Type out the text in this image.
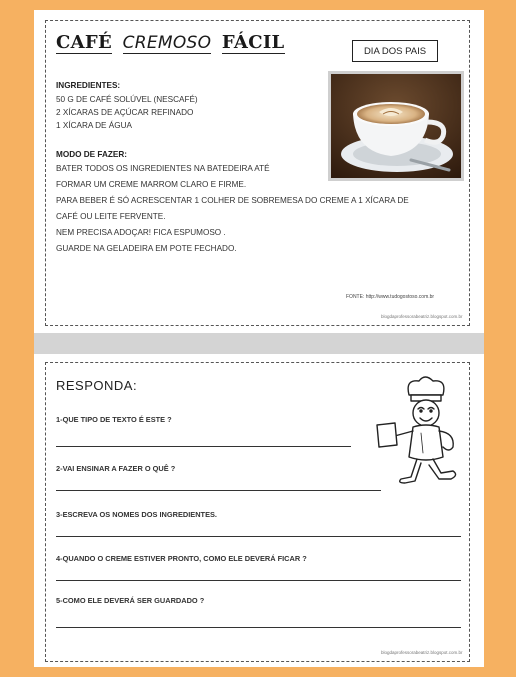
CAFÉ CREMOSO FÁCIL	DIA DOS PAIS
INGREDIENTES:
50 G DE CAFÉ SOLÚVEL (NESCAFÉ)
2 XÍCARAS DE AÇÚCAR REFINADO
1 XÍCARA DE ÁGUA
MODO DE FAZER:
BATER TODOS OS INGREDIENTES NA BATEDEIRA ATÉ
FORMAR UM CREME MARROM CLARO E FIRME.
PARA BEBER É SÓ ACRESCENTAR 1 COLHER DE SOBREMESA DO CREME A 1 XÍCARA DE
CAFÉ OU LEITE FERVENTE.
NEM PRECISA ADOÇAR! FICA ESPUMOSO .
GUARDE NA GELADEIRA EM POTE FECHADO.
FONTE: http://www.tudogostoso.com.br
blogdaprofessorabeatriz.blogspot.com.br
RESPONDA:
1-QUE TIPO DE TEXTO É ESTE ?
2-VAI ENSINAR A FAZER O QUÊ ?
3-ESCREVA OS NOMES DOS INGREDIENTES.
4-QUANDO O CREME ESTIVER PRONTO, COMO ELE DEVERÁ FICAR ?
5-COMO ELE DEVERÁ SER GUARDADO ?
blogdaprofessorabeatriz.blogspot.com.br
